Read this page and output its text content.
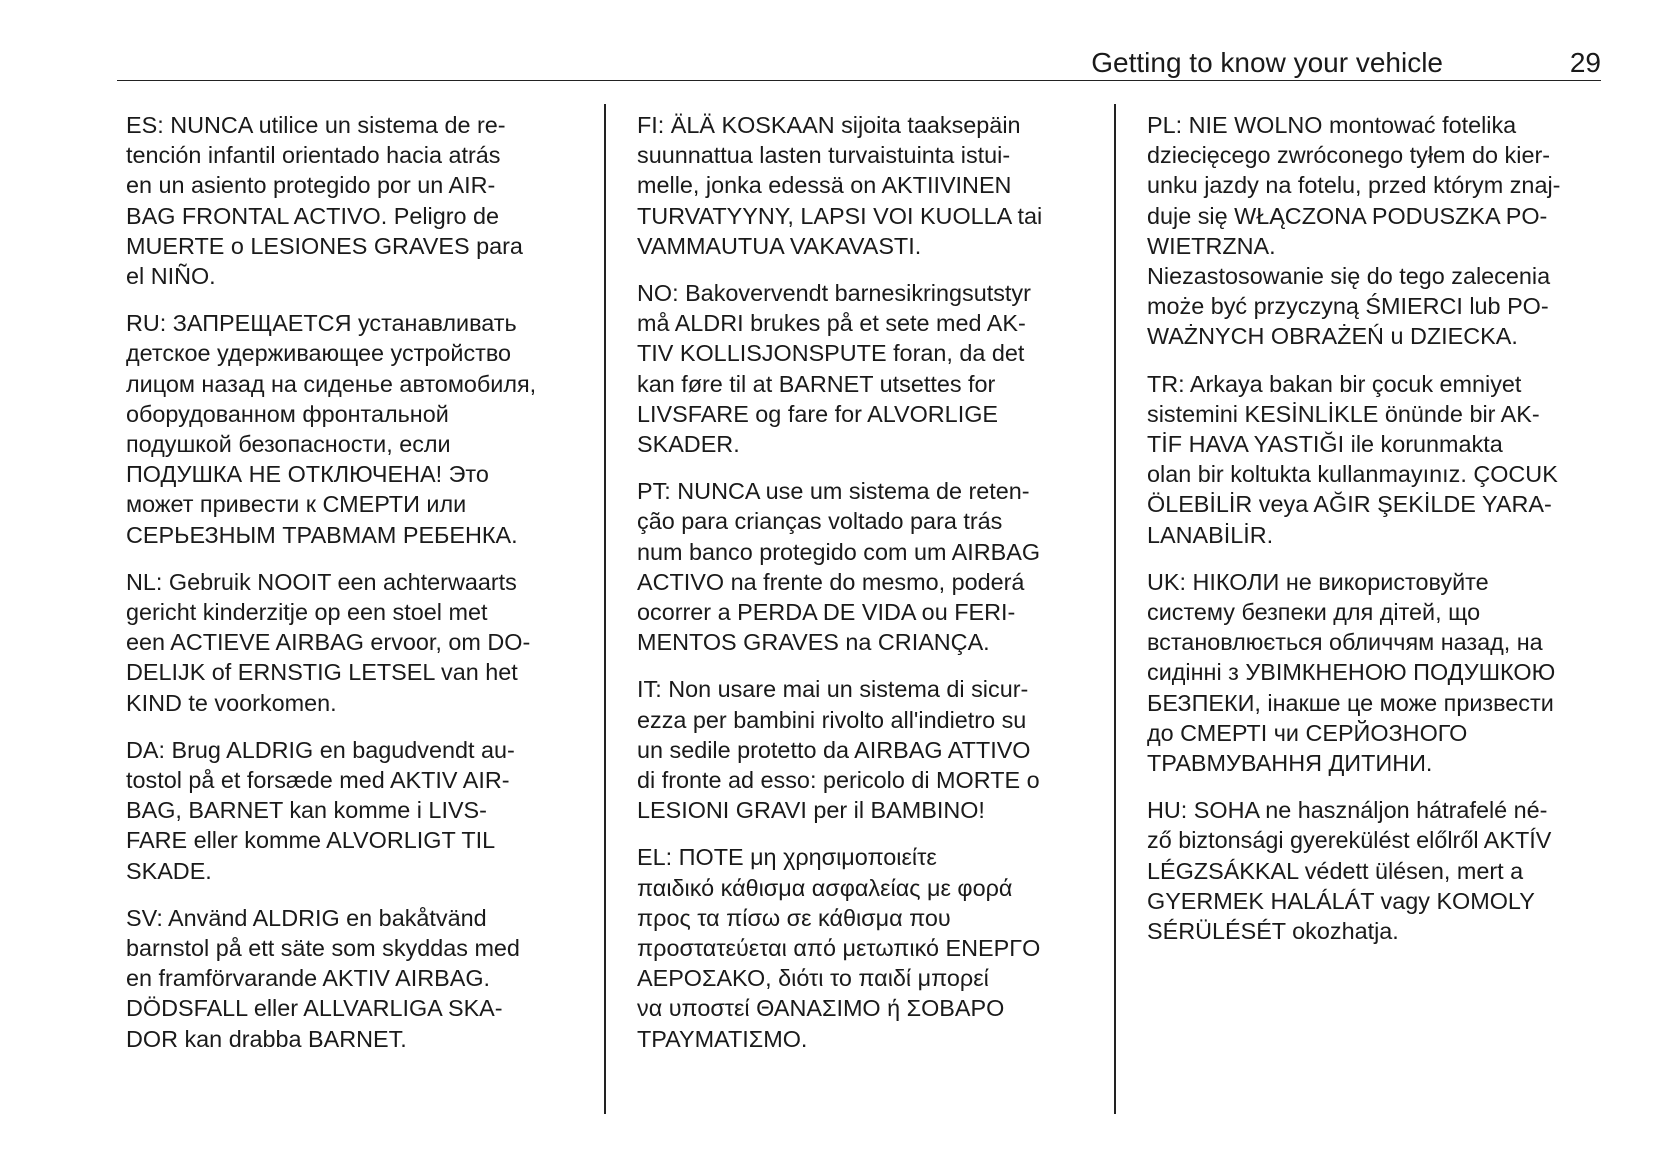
Getting to know your vehicle	29

ES: NUNCA utilice un sistema de re-
tención infantil orientado hacia atrás
en un asiento protegido por un AIR-
BAG FRONTAL ACTIVO. Peligro de
MUERTE o LESIONES GRAVES para
el NIÑO.

RU: ЗАПРЕЩАЕТСЯ устанавливать
детское удерживающее устройство
лицом назад на сиденье автомобиля,
оборудованном фронтальной
подушкой безопасности, если
ПОДУШКА НЕ ОТКЛЮЧЕНА! Это
может привести к СМЕРТИ или
СЕРЬЕЗНЫМ ТРАВМАМ РЕБЕНКА.

NL: Gebruik NOOIT een achterwaarts
gericht kinderzitje op een stoel met
een ACTIEVE AIRBAG ervoor, om DO-
DELIJK of ERNSTIG LETSEL van het
KIND te voorkomen.

DA: Brug ALDRIG en bagudvendt au-
tostol på et forsæde med AKTIV AIR-
BAG, BARNET kan komme i LIVS-
FARE eller komme ALVORLIGT TIL
SKADE.

SV: Använd ALDRIG en bakåtvänd
barnstol på ett säte som skyddas med
en framförvarande AKTIV AIRBAG.
DÖDSFALL eller ALLVARLIGA SKA-
DOR kan drabba BARNET.

FI: ÄLÄ KOSKAAN sijoita taaksepäin
suunnattua lasten turvaistuinta istui-
melle, jonka edessä on AKTIIVINEN
TURVATYYNY, LAPSI VOI KUOLLA tai
VAMMAUTUA VAKAVASTI.

NO: Bakovervendt barnesikringsutstyr
må ALDRI brukes på et sete med AK-
TIV KOLLISJONSPUTE foran, da det
kan føre til at BARNET utsettes for
LIVSFARE og fare for ALVORLIGE
SKADER.

PT: NUNCA use um sistema de reten-
ção para crianças voltado para trás
num banco protegido com um AIRBAG
ACTIVO na frente do mesmo, poderá
ocorrer a PERDA DE VIDA ou FERI-
MENTOS GRAVES na CRIANÇA.

IT: Non usare mai un sistema di sicur-
ezza per bambini rivolto all'indietro su
un sedile protetto da AIRBAG ATTIVO
di fronte ad esso: pericolo di MORTE o
LESIONI GRAVI per il BAMBINO!

EL: ΠΟΤΕ μη χρησιμοποιείτε
παιδικό κάθισμα ασφαλείας με φορά
προς τα πίσω σε κάθισμα που
προστατεύεται από μετωπικό ΕΝΕΡΓΟ
ΑΕΡΟΣΑΚΟ, διότι το παιδί μπορεί
να υποστεί ΘΑΝΑΣΙΜΟ ή ΣΟΒΑΡΟ
ΤΡΑΥΜΑΤΙΣΜΟ.

PL: NIE WOLNO montować fotelika
dziecięcego zwróconego tyłem do kier-
unku jazdy na fotelu, przed którym znaj-
duje się WŁĄCZONA PODUSZKA PO-
WIETRZNA.
Niezastosowanie się do tego zalecenia
może być przyczyną ŚMIERCI lub PO-
WAŻNYCH OBRAŻEŃ u DZIECKA.

TR: Arkaya bakan bir çocuk emniyet
sistemini KESİNLİKLE önünde bir AK-
TİF HAVA YASTIĞI ile korunmakta
olan bir koltukta kullanmayınız. ÇOCUK
ÖLEBİLİR veya AĞIR ŞEKİLDE YARA-
LANABİLİR.

UK: НІКОЛИ не використовуйте
систему безпеки для дітей, що
встановлюється обличчям назад, на
сидінні з УВІМКНЕНОЮ ПОДУШКОЮ
БЕЗПЕКИ, інакше це може призвести
до СМЕРТІ чи СЕРЙОЗНОГО
ТРАВМУВАННЯ ДИТИНИ.

HU: SOHA ne használjon hátrafelé né-
ző biztonsági gyerekülést előlről AKTÍV
LÉGZSÁKKAL védett ülésen, mert a
GYERMEK HALÁLÁT vagy KOMOLY
SÉRÜLÉSÉT okozhatja.
